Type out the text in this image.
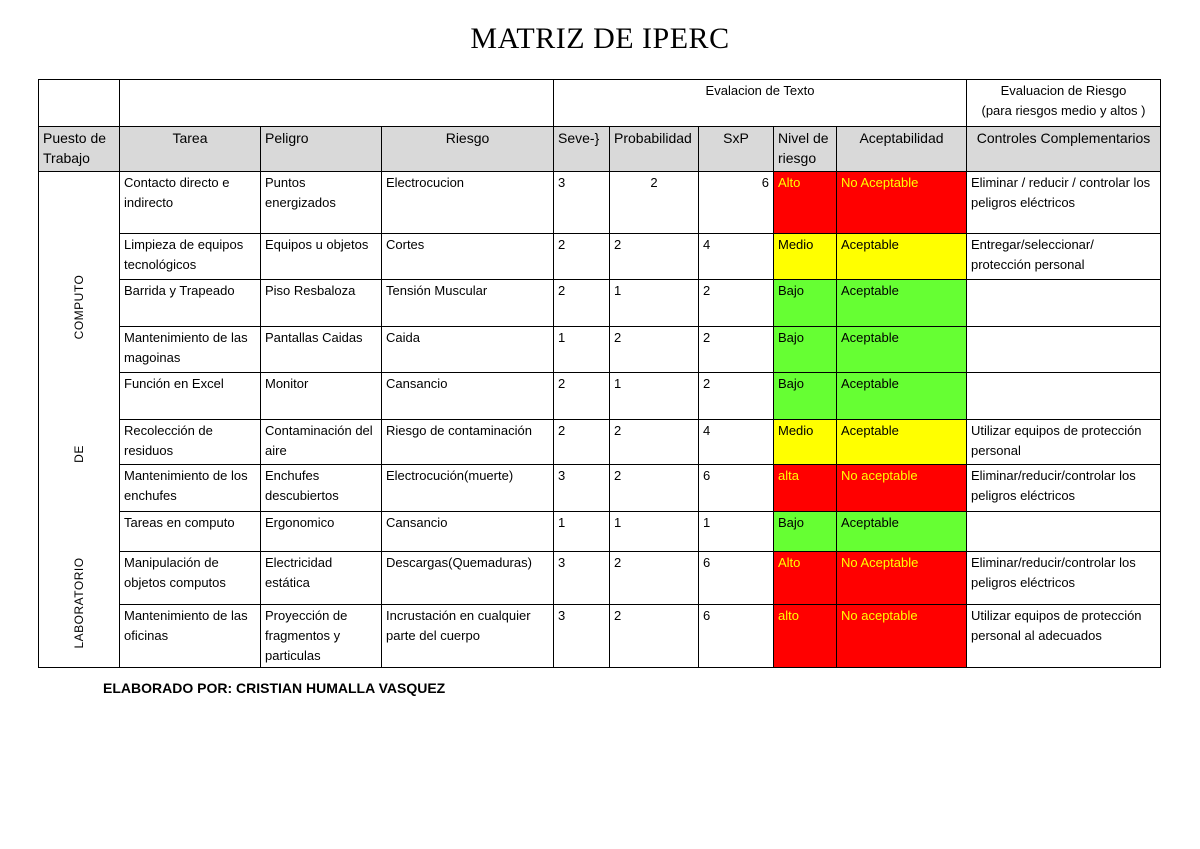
MATRIZ DE IPERC
				Evalacion de Texto					Evaluacion de Riesgo
(para riesgos medio y altos )
Puesto de Trabajo	Tarea	Peligro	Riesgo	Seve-}	Probabilidad	SxP	Nivel de riesgo	Aceptabilidad	Controles Complementarios

COMPUTO
DE
LABORATORIO	Contacto directo e indirecto	Puntos energizados	Electrocucion	3	2	6	Alto	No Aceptable	Eliminar / reducir / controlar los peligros eléctricos
	Limpieza de equipos tecnológicos	Equipos u objetos	Cortes	2	2	4	Medio	Aceptable	Entregar/seleccionar/ protección personal
	Barrida y Trapeado	Piso Resbaloza	Tensión Muscular	2	1	2	Bajo	Aceptable	
	Mantenimiento de las magoinas	Pantallas Caidas	Caida	1	2	2	Bajo	Aceptable	
	Función en Excel	Monitor	Cansancio	2	1	2	Bajo	Aceptable	
	Recolección de residuos	Contaminación del aire	Riesgo de contaminación	2	2	4	Medio	Aceptable	Utilizar equipos de protección personal
	Mantenimiento de los enchufes	Enchufes descubiertos	Electrocución(muerte)	3	2	6	alta	No aceptable	Eliminar/reducir/controlar los peligros eléctricos
	Tareas en computo	Ergonomico	Cansancio	1	1	1	Bajo	Aceptable	
	Manipulación de objetos computos	Electricidad estática	Descargas(Quemaduras)	3	2	6	Alto	No Aceptable	Eliminar/reducir/controlar los peligros eléctricos
	Mantenimiento de las oficinas	Proyección de fragmentos y particulas	Incrustación en cualquier parte del cuerpo	3	2	6	alto	No aceptable	Utilizar equipos de protección personal al adecuados
ELABORADO POR: CRISTIAN HUMALLA VASQUEZ
